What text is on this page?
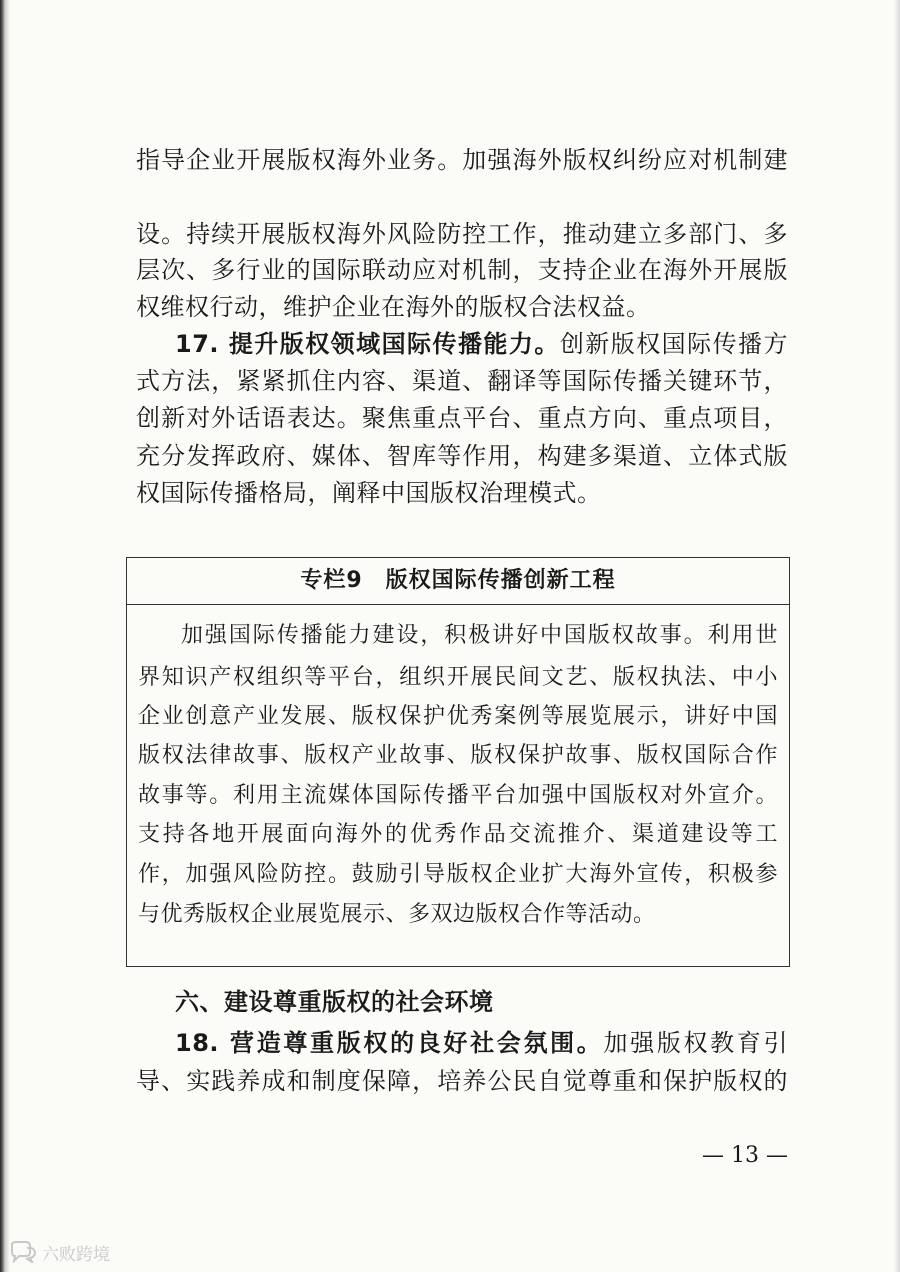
指导企业开展版权海外业务。加强海外版权纠纷应对机制建
设。持续开展版权海外风险防控工作，推动建立多部门、多
层次、多行业的国际联动应对机制，支持企业在海外开展版
权维权行动，维护企业在海外的版权合法权益。
17. 提升版权领域国际传播能力。创新版权国际传播方
式方法，紧紧抓住内容、渠道、翻译等国际传播关键环节，
创新对外话语表达。聚焦重点平台、重点方向、重点项目，
充分发挥政府、媒体、智库等作用，构建多渠道、立体式版
权国际传播格局，阐释中国版权治理模式。
专栏9　版权国际传播创新工程
加强国际传播能力建设，积极讲好中国版权故事。利用世
界知识产权组织等平台，组织开展民间文艺、版权执法、中小
企业创意产业发展、版权保护优秀案例等展览展示，讲好中国
版权法律故事、版权产业故事、版权保护故事、版权国际合作
故事等。利用主流媒体国际传播平台加强中国版权对外宣介。
支持各地开展面向海外的优秀作品交流推介、渠道建设等工
作，加强风险防控。鼓励引导版权企业扩大海外宣传，积极参
与优秀版权企业展览展示、多双边版权合作等活动。
六、建设尊重版权的社会环境
18. 营造尊重版权的良好社会氛围。加强版权教育引
导、实践养成和制度保障，培养公民自觉尊重和保护版权的
— 13 —
六败跨境
